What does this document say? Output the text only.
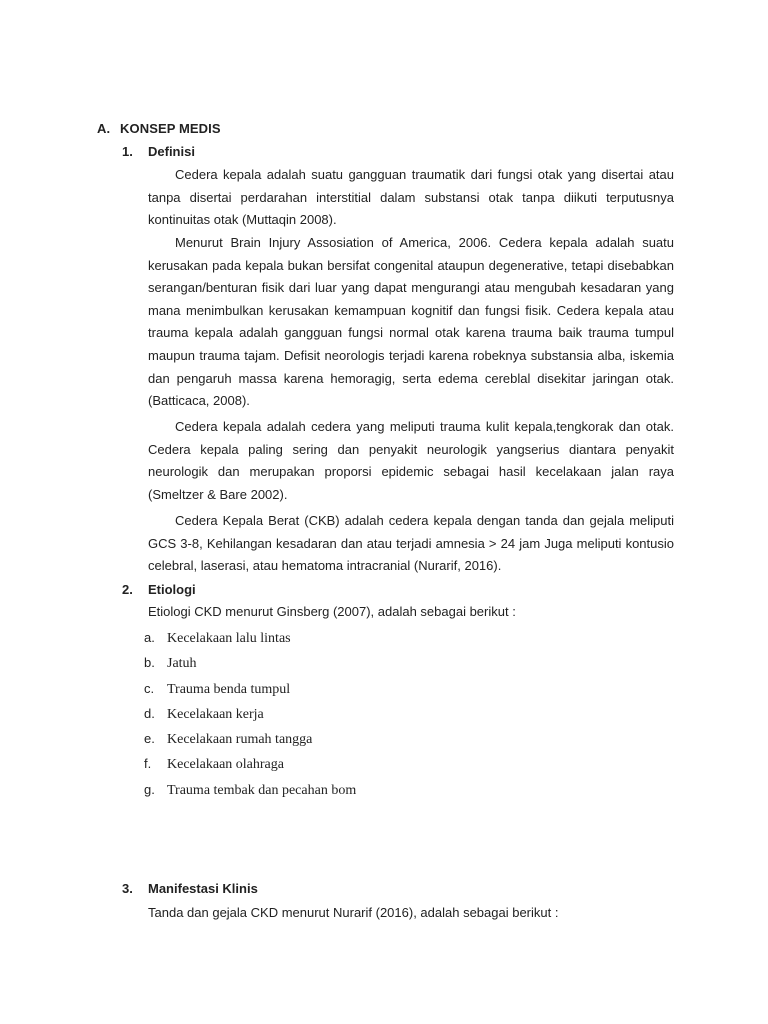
A. KONSEP MEDIS
1. Definisi

Cedera kepala adalah suatu gangguan traumatik dari fungsi otak yang disertai atau tanpa disertai perdarahan interstitial dalam substansi otak tanpa diikuti terputusnya kontinuitas otak (Muttaqin 2008).

Menurut Brain Injury Assosiation of America, 2006. Cedera kepala adalah suatu kerusakan pada kepala bukan bersifat congenital ataupun degenerative, tetapi disebabkan serangan/benturan fisik dari luar yang dapat mengurangi atau mengubah kesadaran yang mana menimbulkan kerusakan kemampuan kognitif dan fungsi fisik. Cedera kepala atau trauma kepala adalah gangguan fungsi normal otak karena trauma baik trauma tumpul maupun trauma tajam. Defisit neorologis terjadi karena robeknya substansia alba, iskemia dan pengaruh massa karena hemoragig, serta edema cereblal disekitar jaringan otak. (Batticaca, 2008).

Cedera kepala adalah cedera yang meliputi trauma kulit kepala,tengkorak dan otak. Cedera kepala paling sering dan penyakit neurologik yangserius diantara penyakit neurologik dan merupakan proporsi epidemic sebagai hasil kecelakaan jalan raya (Smeltzer & Bare 2002).

Cedera Kepala Berat (CKB) adalah cedera kepala dengan tanda dan gejala meliputi GCS 3-8, Kehilangan kesadaran dan atau terjadi amnesia > 24 jam Juga meliputi kontusio celebral, laserasi, atau hematoma intracranial (Nurarif, 2016).

2. Etiologi
Etiologi CKD menurut Ginsberg (2007), adalah sebagai berikut :
a. Kecelakaan lalu lintas
b. Jatuh
c. Trauma benda tumpul
d. Kecelakaan kerja
e. Kecelakaan rumah tangga
f. Kecelakaan olahraga
g. Trauma tembak dan pecahan bom
3. Manifestasi Klinis
Tanda dan gejala CKD menurut Nurarif (2016), adalah sebagai berikut :
